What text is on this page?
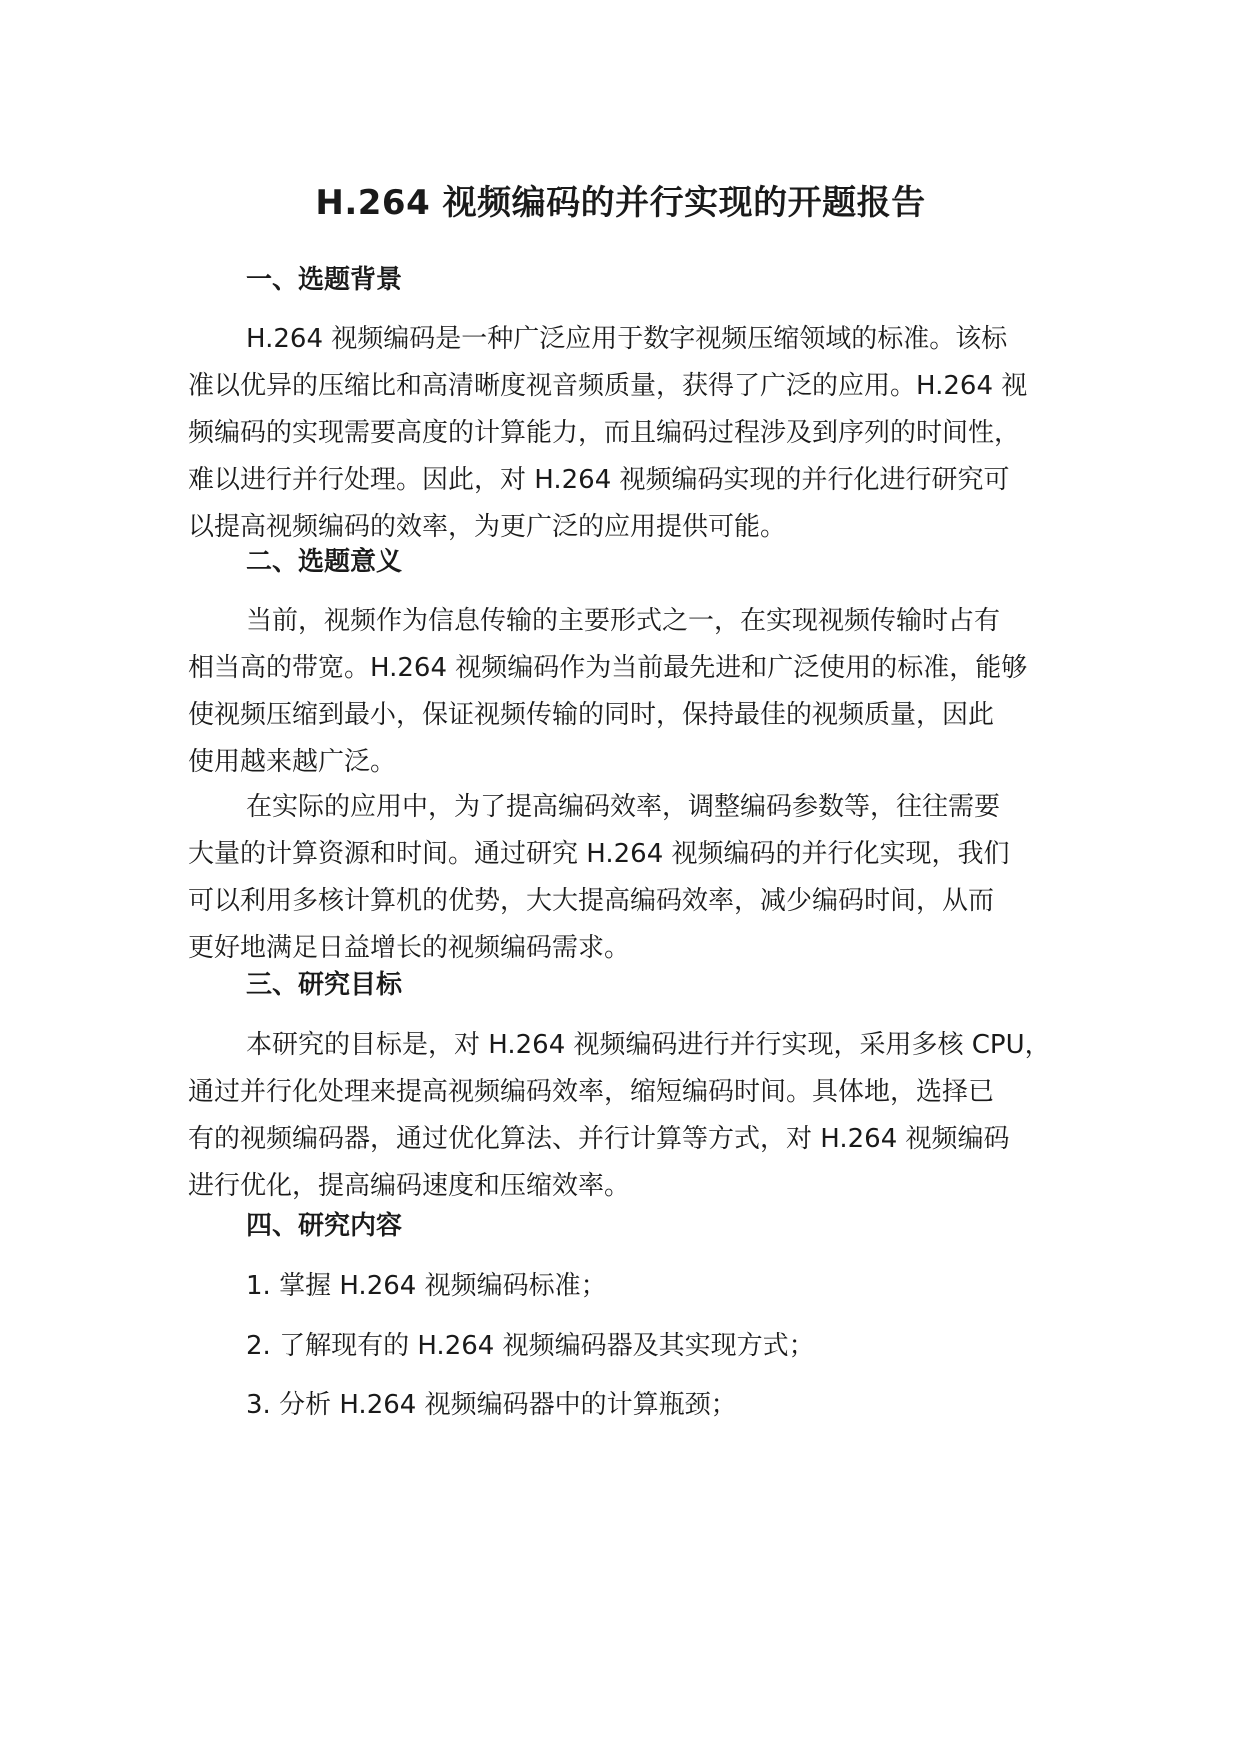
H.264 视频编码的并行实现的开题报告
一、选题背景
H.264 视频编码是一种广泛应用于数字视频压缩领域的标准。该标
准以优异的压缩比和高清晰度视音频质量，获得了广泛的应用。H.264 视
频编码的实现需要高度的计算能力，而且编码过程涉及到序列的时间性，
难以进行并行处理。因此，对 H.264 视频编码实现的并行化进行研究可
以提高视频编码的效率，为更广泛的应用提供可能。
二、选题意义
当前，视频作为信息传输的主要形式之一，在实现视频传输时占有
相当高的带宽。H.264 视频编码作为当前最先进和广泛使用的标准，能够
使视频压缩到最小，保证视频传输的同时，保持最佳的视频质量，因此
使用越来越广泛。
在实际的应用中，为了提高编码效率，调整编码参数等，往往需要
大量的计算资源和时间。通过研究 H.264 视频编码的并行化实现，我们
可以利用多核计算机的优势，大大提高编码效率，减少编码时间，从而
更好地满足日益增长的视频编码需求。
三、研究目标
本研究的目标是，对 H.264 视频编码进行并行实现，采用多核 CPU，
通过并行化处理来提高视频编码效率，缩短编码时间。具体地，选择已
有的视频编码器，通过优化算法、并行计算等方式，对 H.264 视频编码
进行优化，提高编码速度和压缩效率。
四、研究内容

1. 掌握 H.264 视频编码标准；

2. 了解现有的 H.264 视频编码器及其实现方式；

3. 分析 H.264 视频编码器中的计算瓶颈；
